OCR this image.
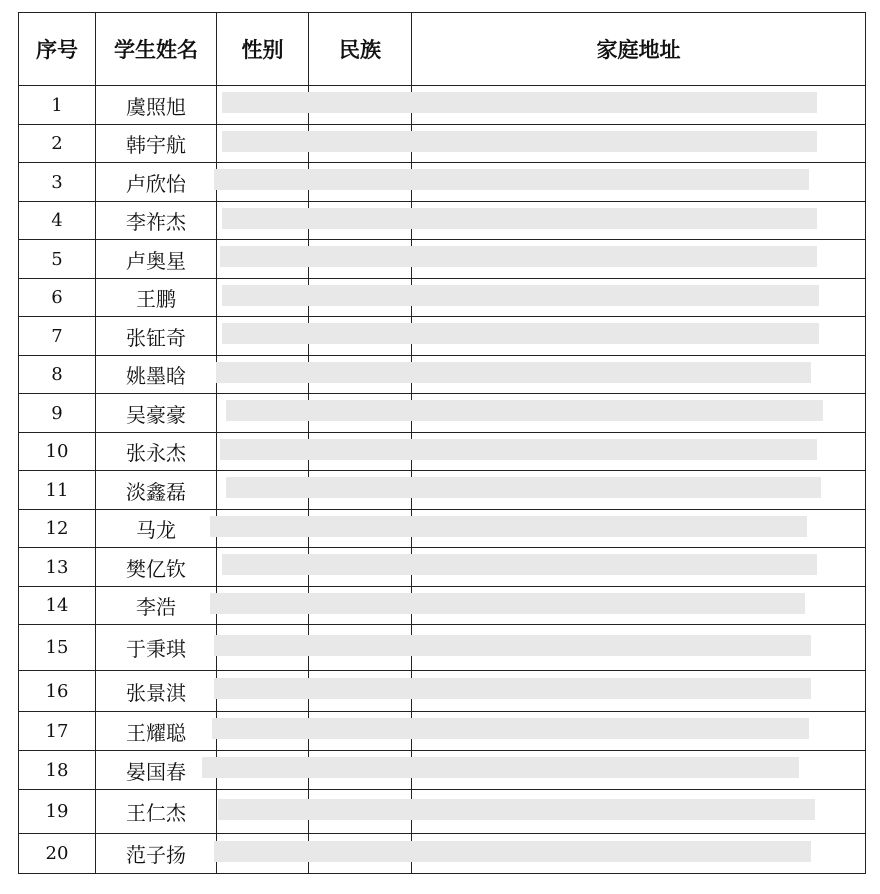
序号	学生姓名	性别	民族	家庭地址
1	虞照旭			
2	韩宇航			
3	卢欣怡			
4	李祚杰			
5	卢奥星			
6	王鹏			
7	张钲奇			
8	姚墨晗			
9	吴豪豪			
10	张永杰			
11	淡鑫磊			
12	马龙			
13	樊亿钦			
14	李浩			
15	于秉琪			
16	张景淇			
17	王耀聪			
18	晏国春			
19	王仁杰			
20	范子扬			
